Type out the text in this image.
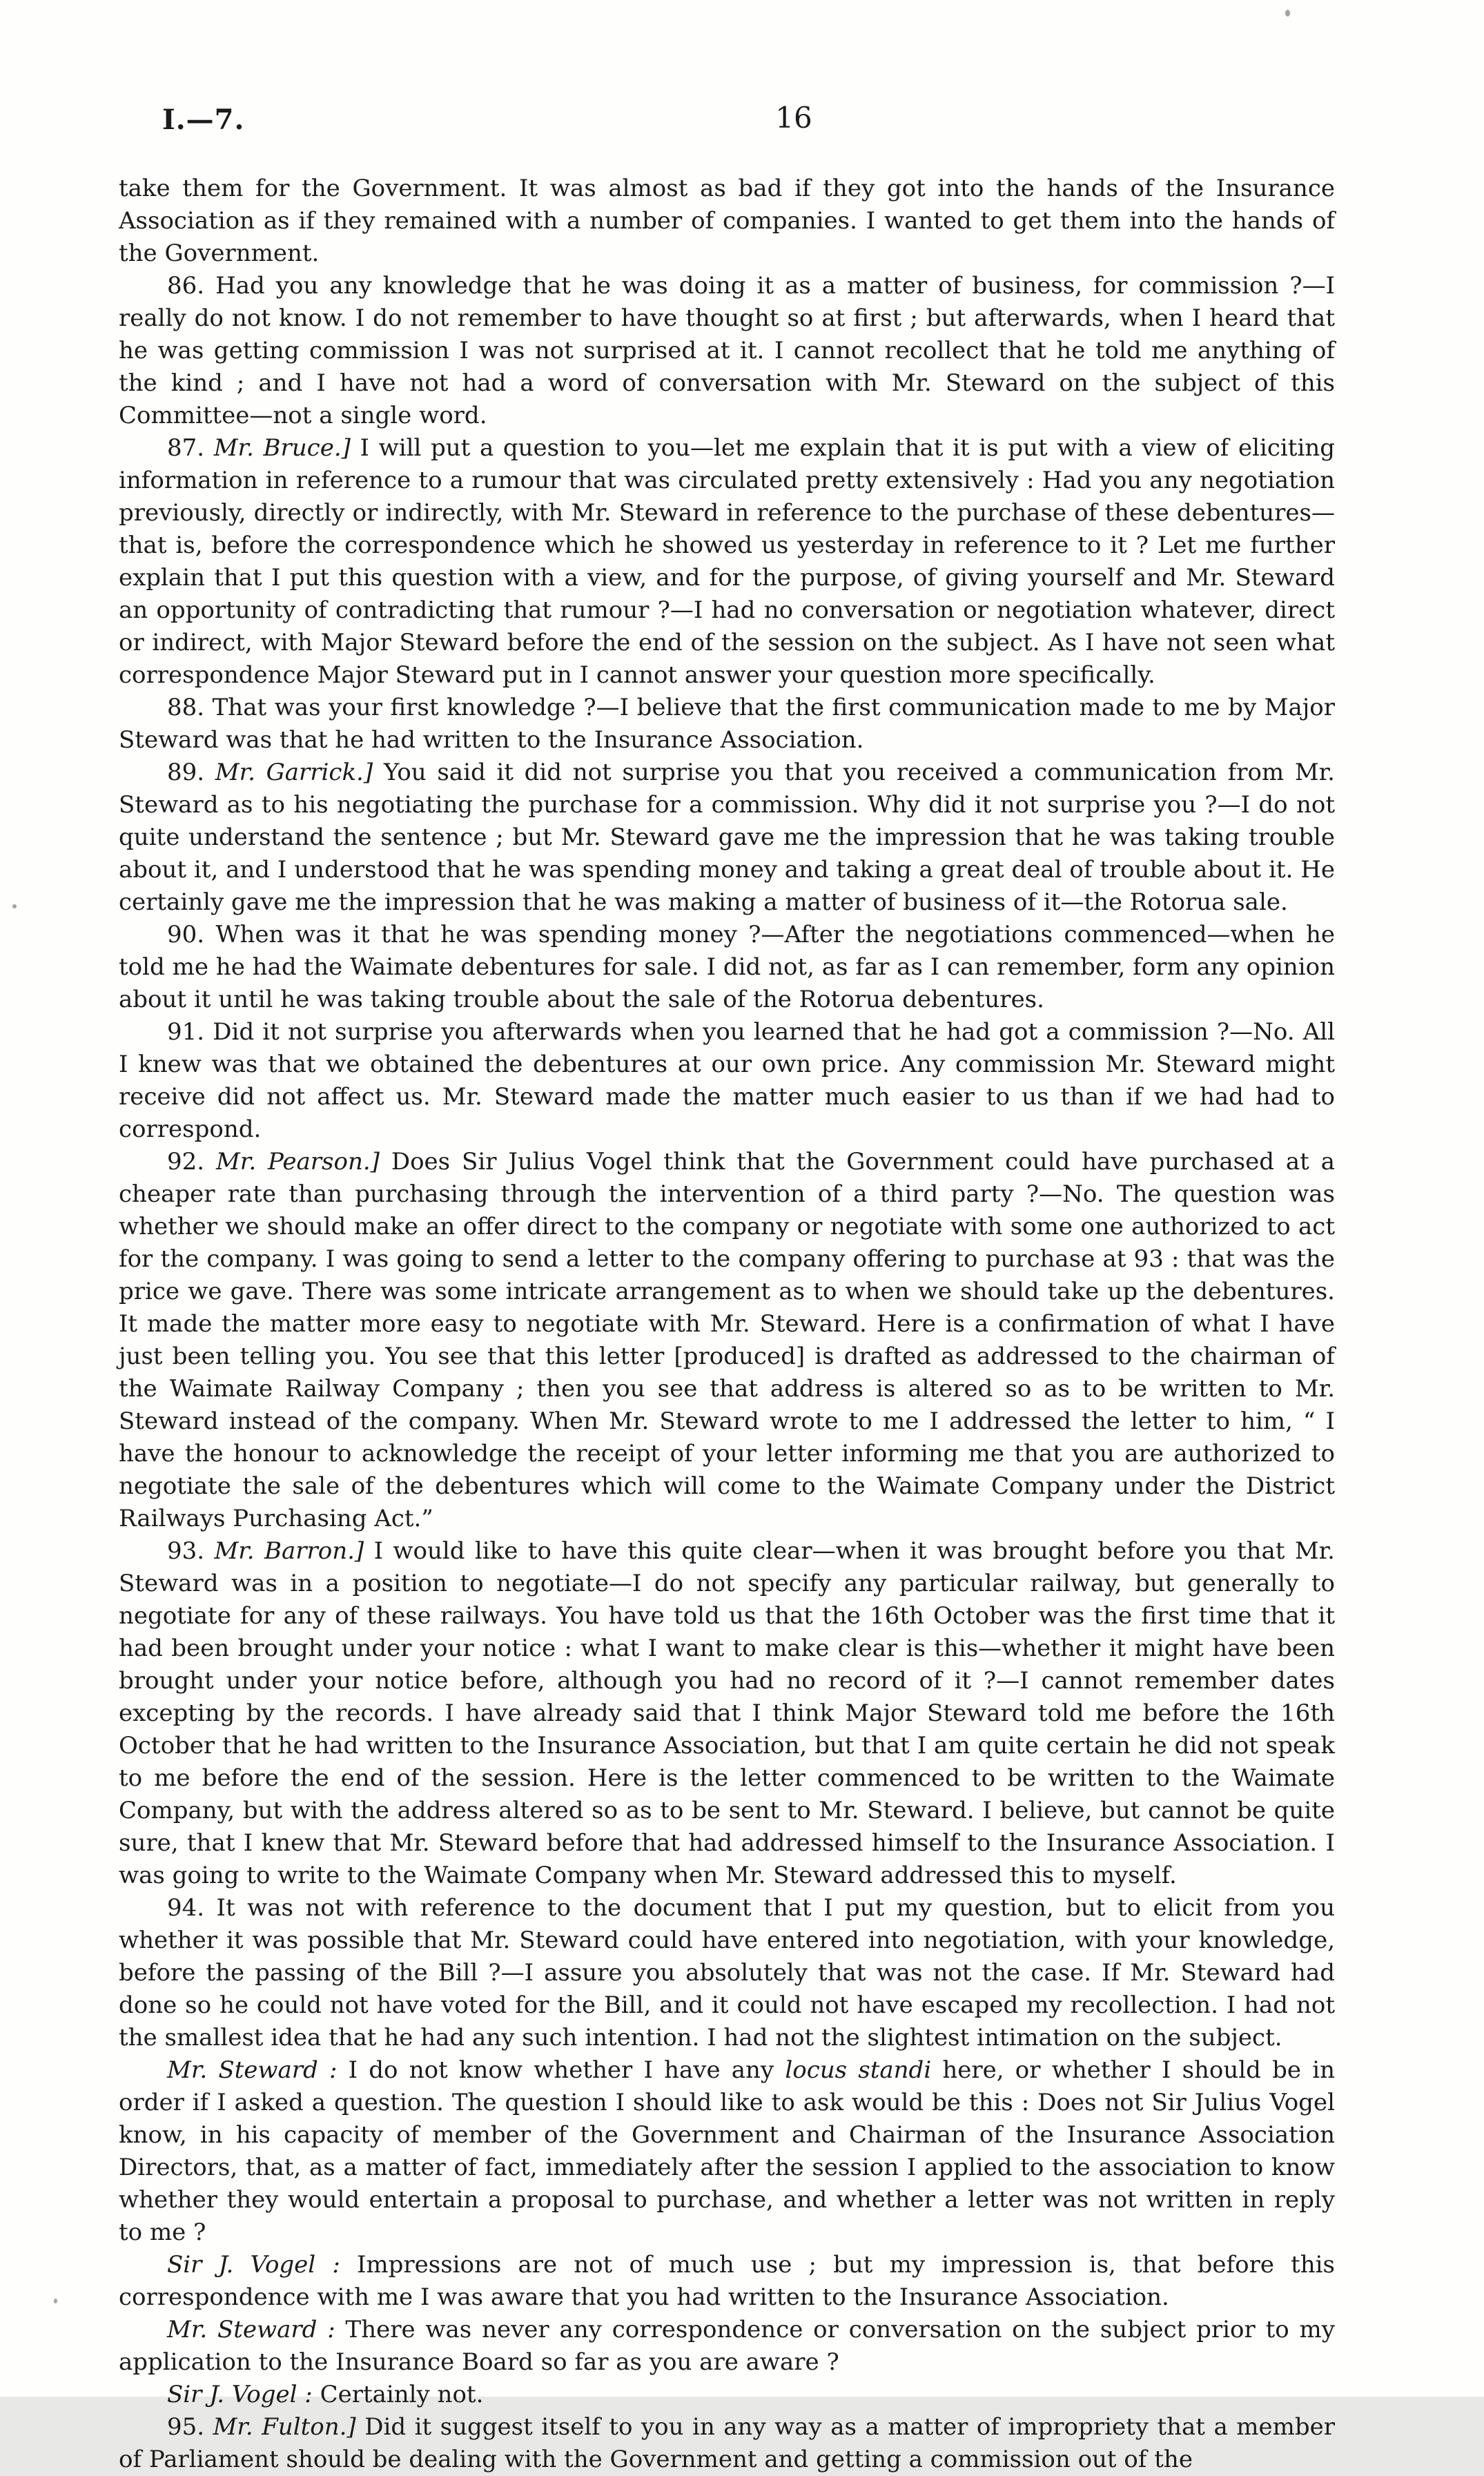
I.—7.	16

take them for the Government. It was almost as bad if they got into the hands of the Insurance Association as if they remained with a number of companies. I wanted to get them into the hands of the Government.

86. Had you any knowledge that he was doing it as a matter of business, for commission ?—I really do not know. I do not remember to have thought so at first ; but afterwards, when I heard that he was getting commission I was not surprised at it. I cannot recollect that he told me anything of the kind ; and I have not had a word of conversation with Mr. Steward on the subject of this Committee—not a single word.

87. Mr. Bruce.] I will put a question to you—let me explain that it is put with a view of eliciting information in reference to a rumour that was circulated pretty extensively : Had you any negotiation previously, directly or indirectly, with Mr. Steward in reference to the purchase of these debentures—that is, before the correspondence which he showed us yesterday in reference to it ? Let me further explain that I put this question with a view, and for the purpose, of giving yourself and Mr. Steward an opportunity of contradicting that rumour ?—I had no conversation or negotiation whatever, direct or indirect, with Major Steward before the end of the session on the subject. As I have not seen what correspondence Major Steward put in I cannot answer your question more specifically.

88. That was your first knowledge ?—I believe that the first communication made to me by Major Steward was that he had written to the Insurance Association.

89. Mr. Garrick.] You said it did not surprise you that you received a communication from Mr. Steward as to his negotiating the purchase for a commission. Why did it not surprise you ?—I do not quite understand the sentence ; but Mr. Steward gave me the impression that he was taking trouble about it, and I understood that he was spending money and taking a great deal of trouble about it. He certainly gave me the impression that he was making a matter of business of it—the Rotorua sale.

90. When was it that he was spending money ?—After the negotiations commenced—when he told me he had the Waimate debentures for sale. I did not, as far as I can remember, form any opinion about it until he was taking trouble about the sale of the Rotorua debentures.

91. Did it not surprise you afterwards when you learned that he had got a commission ?—No. All I knew was that we obtained the debentures at our own price. Any commission Mr. Steward might receive did not affect us. Mr. Steward made the matter much easier to us than if we had had to correspond.

92. Mr. Pearson.] Does Sir Julius Vogel think that the Government could have purchased at a cheaper rate than purchasing through the intervention of a third party ?—No. The question was whether we should make an offer direct to the company or negotiate with some one authorized to act for the company. I was going to send a letter to the company offering to purchase at 93 : that was the price we gave. There was some intricate arrangement as to when we should take up the debentures. It made the matter more easy to negotiate with Mr. Steward. Here is a confirmation of what I have just been telling you. You see that this letter [produced] is drafted as addressed to the chairman of the Waimate Railway Company ; then you see that address is altered so as to be written to Mr. Steward instead of the company. When Mr. Steward wrote to me I addressed the letter to him, “ I have the honour to acknowledge the receipt of your letter informing me that you are authorized to negotiate the sale of the debentures which will come to the Waimate Company under the District Railways Purchasing Act.”

93. Mr. Barron.] I would like to have this quite clear—when it was brought before you that Mr. Steward was in a position to negotiate—I do not specify any particular railway, but generally to negotiate for any of these railways. You have told us that the 16th October was the first time that it had been brought under your notice : what I want to make clear is this—whether it might have been brought under your notice before, although you had no record of it ?—I cannot remember dates excepting by the records. I have already said that I think Major Steward told me before the 16th October that he had written to the Insurance Association, but that I am quite certain he did not speak to me before the end of the session. Here is the letter commenced to be written to the Waimate Company, but with the address altered so as to be sent to Mr. Steward. I believe, but cannot be quite sure, that I knew that Mr. Steward before that had addressed himself to the Insurance Association. I was going to write to the Waimate Company when Mr. Steward addressed this to myself.

94. It was not with reference to the document that I put my question, but to elicit from you whether it was possible that Mr. Steward could have entered into negotiation, with your knowledge, before the passing of the Bill ?—I assure you absolutely that was not the case. If Mr. Steward had done so he could not have voted for the Bill, and it could not have escaped my recollection. I had not the smallest idea that he had any such intention. I had not the slightest intimation on the subject.

Mr. Steward : I do not know whether I have any locus standi here, or whether I should be in order if I asked a question. The question I should like to ask would be this : Does not Sir Julius Vogel know, in his capacity of member of the Government and Chairman of the Insurance Association Directors, that, as a matter of fact, immediately after the session I applied to the association to know whether they would entertain a proposal to purchase, and whether a letter was not written in reply to me ?

Sir J. Vogel : Impressions are not of much use ; but my impression is, that before this correspondence with me I was aware that you had written to the Insurance Association.

Mr. Steward : There was never any correspondence or conversation on the subject prior to my application to the Insurance Board so far as you are aware ?

Sir J. Vogel : Certainly not.

95. Mr. Fulton.] Did it suggest itself to you in any way as a matter of impropriety that a member of Parliament should be dealing with the Government and getting a commission out of the
